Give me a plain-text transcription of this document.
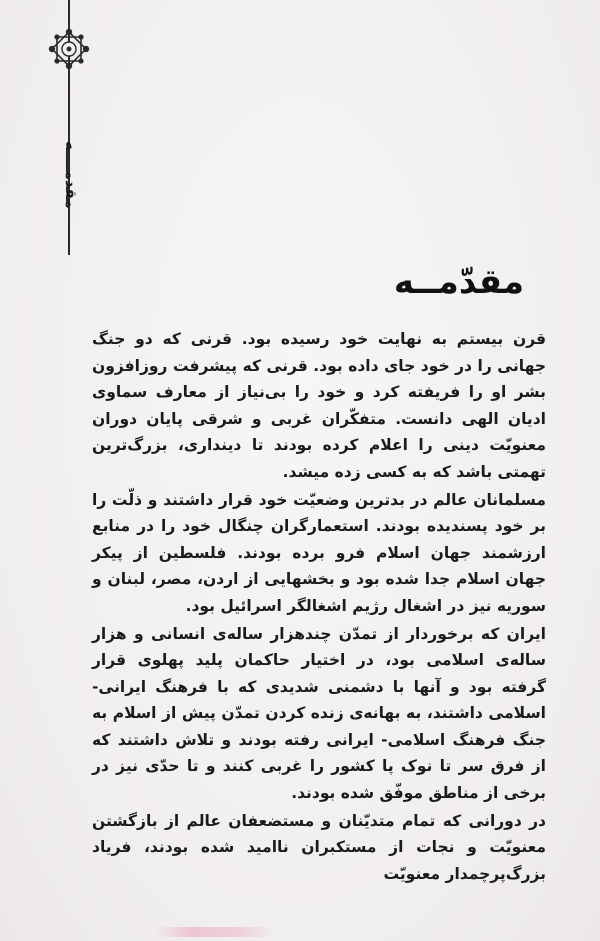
مقدمــــه
مقدّمــه

قرن بیستم به نهایت خود رسیده بود. قرنی که دو جنگ جهانی را در خود جای داده بود. قرنی که پیشرفت روزافزون بشر او را فریفته کرد و خود را بی‌نیاز از معارف سماوی ادیان الهی دانست. متفکّران غربی و شرقی پایان دوران معنویّت دینی را اعلام کرده بودند تا دینداری، بزرگ‌ترین تهمتی باشد که به کسی زده میشد.

مسلمانان عالم در بدترین وضعیّت خود قرار داشتند و ذلّت را بر خود پسندیده بودند. استعمارگران چنگال خود را در منابع ارزشمند جهان اسلام فرو برده بودند. فلسطین از پیکر جهان اسلام جدا شده بود و بخشهایی از اردن، مصر، لبنان و سوریه نیز در اشغال رژیم اشغالگر اسرائیل بود.

ایران که برخوردار از تمدّن چندهزار ساله‌ی انسانی و هزار ساله‌ی اسلامی بود، در اختیار حاکمان پلید پهلوی قرار گرفته بود و آنها با دشمنی شدیدی که با فرهنگ ایرانی- اسلامی داشتند، به بهانه‌ی زنده کردن تمدّن پیش از اسلام به جنگ فرهنگ اسلامی- ایرانی رفته بودند و تلاش داشتند که از فرق سر تا نوک پا کشور را غربی کنند و تا حدّی نیز در برخی از مناطق موفّق شده بودند.

در دورانی که تمام متدیّنان و مستضعفان عالم از بازگشتن معنویّت و نجات از مستکبران ناامید شده بودند، فریاد بزرگ‌پرچمدار معنویّت
